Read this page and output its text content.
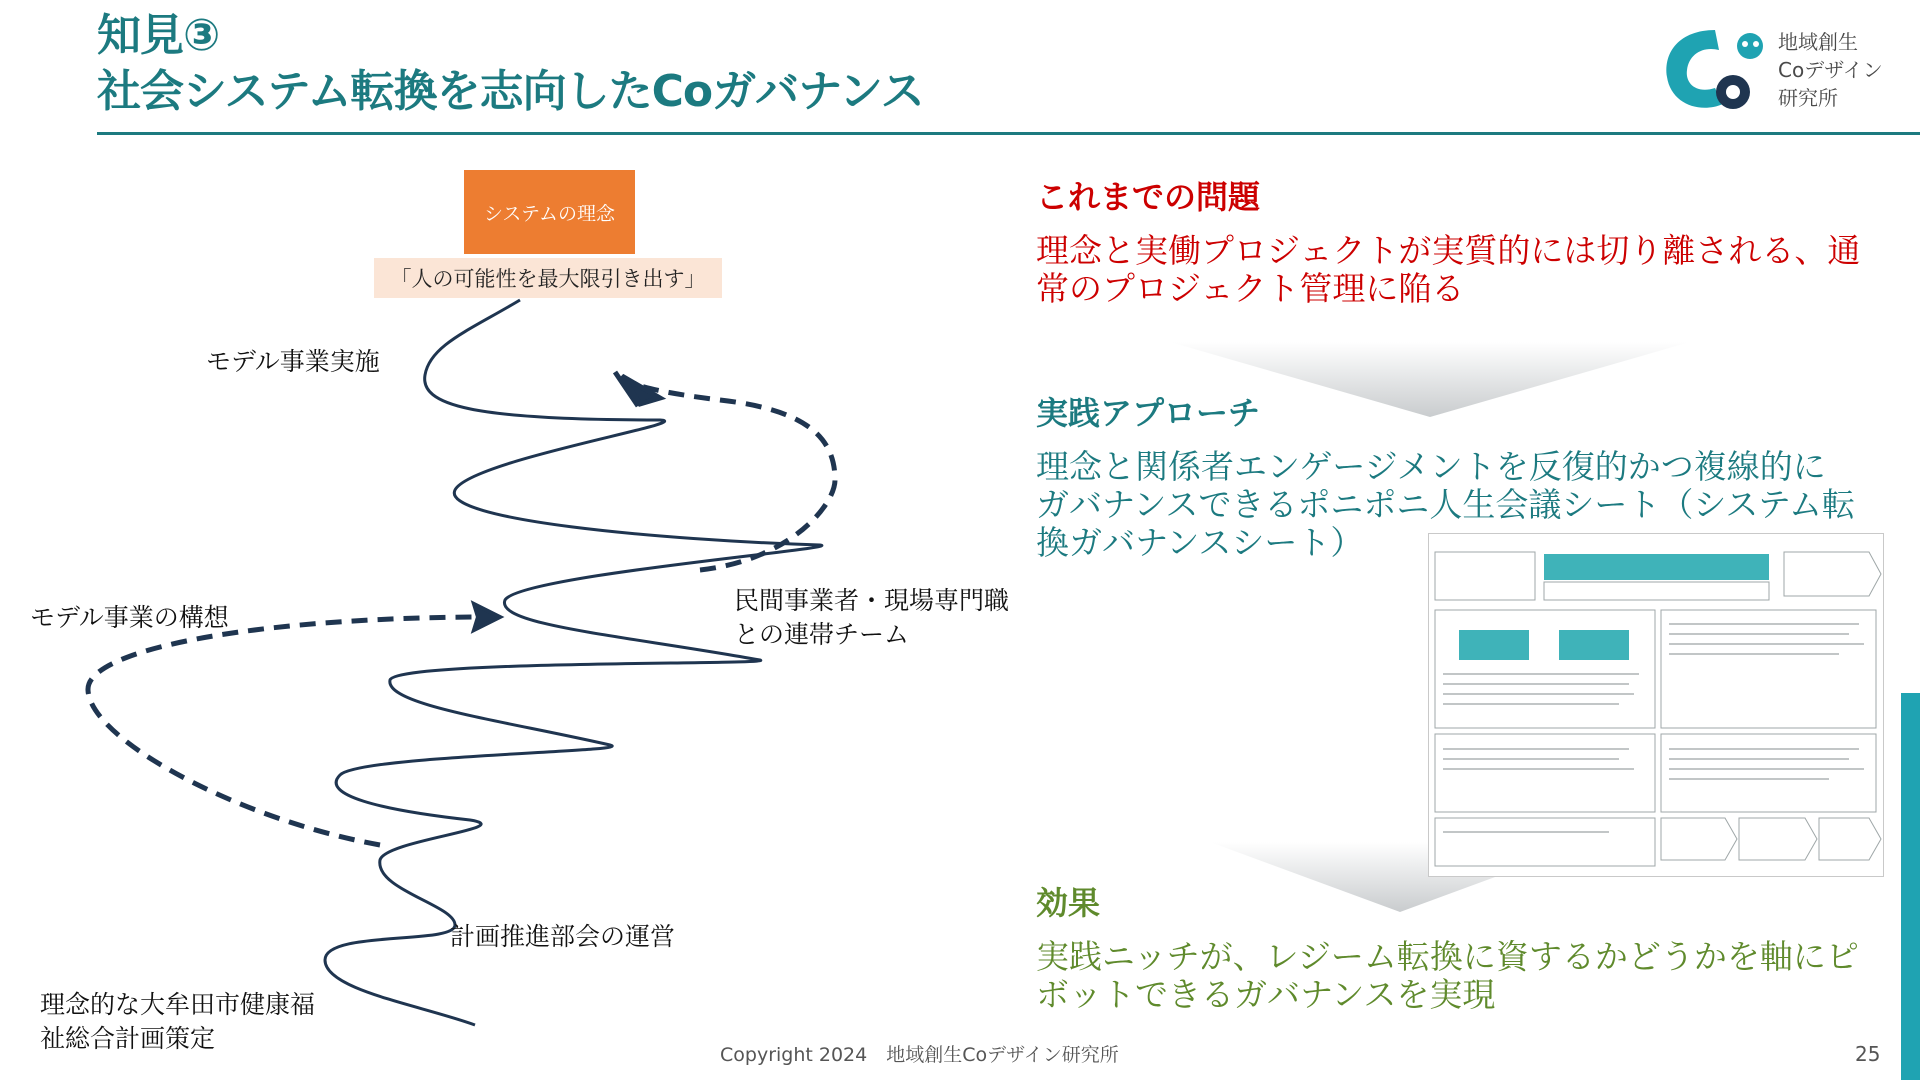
知見③
社会システム転換を志向したCoガバナンス
地域創生
Coデザイン
研究所
システムの理念
「人の可能性を最大限引き出す」
モデル事業実施
モデル事業の構想
民間事業者・現場専門職
との連帯チーム
計画推進部会の運営
理念的な大牟田市健康福
祉総合計画策定
これまでの問題
理念と実働プロジェクトが実質的には切り離される、通
常のプロジェクト管理に陥る
実践アプローチ
理念と関係者エンゲージメントを反復的かつ複線的に
ガバナンスできるポニポニ人生会議シート（システム転
換ガバナンスシート）
効果
実践ニッチが、レジーム転換に資するかどうかを軸にピ
ボットできるガバナンスを実現
Copyright 2024　地域創生Coデザイン研究所	25
